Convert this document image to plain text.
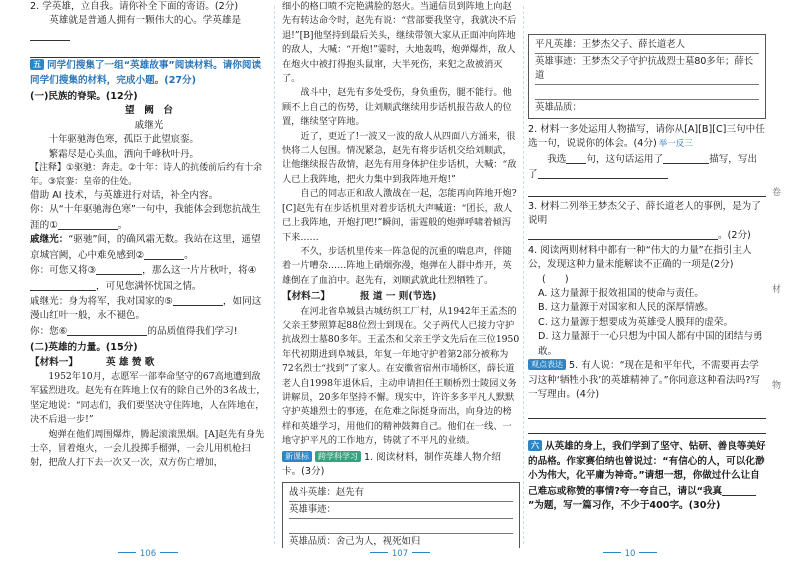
2. 学英雄，立自我。请你补全下面的寄语。(2分)

英雄就是普通人拥有一颗伟大的心。学英雄是

五 同学们搜集了一组“英雄故事”阅读材料。请你阅读同学们搜集的材料，完成小题。(27分)

(一)民族的脊梁。(12分)

望　阙　台

戚继光

十年驱驰海色寒，孤臣于此望宸銮。

繁霜尽是心头血，洒向千峰秋叶丹。

【注释】①驱驰：奔走。②十年：诗人的抗倭前后约有十余年。③宸銮：皇帝的住处。

借助 AI 技术，与英雄进行对话，补全内容。

你：从“十年驱驰海色寒”一句中，我能体会到您抗战生涯的①	。

戚继光：“驱驰”间，的确风霜无数。我站在这里，遥望京城宫阙，心中难免感到②	。

你：可您又将③	，那么这一片片秋叶，将④，可见您满怀忧国之情。

戚继光：身为将军，我对国家的⑤	，如同这漫山红叶一般，永不褪色。

你：您⑥	的品质值得我们学习!

(二)英雄的力量。(15分)

【材料一】	英 雄 赞 歌

1952年10月，志愿军一部奉命坚守的67高地遭到敌军猛烈进攻。赵先有在阵地上仅有的除自己外的3名战士，坚定地说：“同志们，我们要坚决守住阵地，人在阵地在，决不后退一步!”

炮弹在他们周围爆炸，腾起滚滚黑烟。[A]赵先有身先士卒，冒着炮火，一会儿投掷手榴弹，一会儿用机枪扫射，把敌人打下去一次又一次，双方伤亡增加，

细小的格口喷不完艳满脸的怒火。当通信员到阵地上向赵先有转达命令时，赵先有说：“营部要我坚守，我就决不后退!”[B]他坚持到最后关头，继续带领大家从正面冲向阵地的敌人，大喊：“开炮!”霎时，大地轰鸣，炮弹爆炸，敌人在炮火中被打得抱头鼠窜，大半死伤，来犯之敌被消灭了。

战斗中，赵先有多处受伤，身负重伤，腿不能行。他顾不上自己的伤势，让刘顺武继续用步话机报告敌人的位置，继续坚守阵地。

近了，更近了!一波又一波的敌人从四面八方涌来，很快将二人包围。情况紧急，赵先有将步话机交给刘顺武，让他继续报告敌情，赵先有用身体护住步话机，大喊：“敌人已上我阵地，把火力集中到我阵地开炮!”

自己的同志正和敌人激战在一起，怎能再向阵地开炮?[C]赵先有在步话机里对着步话机大声喊道：“团长，敌人已上我阵地，开炮打吧!”瞬间，雷霆般的炮弹呼啸着倾泻下来……

不久，步话机里传来一阵急促的沉重的喘息声，伴随着一片嘈杂……阵地上硝烟弥漫，炮弹在人群中炸开，英雄倒在了血泊中。赵先有，刘顺武就此壮烈牺牲了。

【材料二】	报 道 一 则(节选)

在河北省阜城县古城纺织工厂村，从1942年王孟杰的父亲王梦照算起88位烈士到现在。父子两代人已接力守护抗战烈士墓80多年。王孟杰和父亲王学文先后在三位1950年代初期进到阜城县，年复一年地守护着第2部分被称为72名烈士“找到”了家人。在安徽省宿州市埇桥区，薛长道老人自1998年退休后，主动申请担任王顺桥烈士陵园义务讲解员，20多年坚持不懈。现实中，许许多多平凡人默默守护英雄烈士的事迹，在危难之际挺身而出，向身边的榜样和英雄学习，用他们的精神鼓舞自己。他们在一线、一地守护平凡的工作地方，铸就了不平凡的业绩。

新课标 跨学科学习 1. 阅读材料，制作英雄人物介绍卡。(3分)

战斗英雄：赵先有
英雄事迹：
英雄品质：舍己为人，视死如归
平凡英雄：王梦杰父子、薛长道老人
英雄事迹：王梦杰父子守护抗战烈士墓80多年；薛长道
英雄品质：

2. 材料一多处运用人物描写，请你从[A][B][C]三句中任选一句，说说你的体会。(4分) 举一反三

我选 句，这句话运用了	描写，写出了

3. 材料二列举王梦杰父子、薛长道老人的事例，是为了说明

。(2分)

4. 阅读两则材料中都有一种“伟大的力量”在指引主人公，发现这种力量未能解读不正确的一项是(2分)(　　)

A. 这力量源于报效祖国的使命与责任。

B. 这力量源于对国家和人民的深厚情感。

C. 这力量源于想要成为英雄受人膜拜的虚荣。

D. 这力量源于一心只想为中国人都有中国的团结与勇敢。

观点表达 5. 有人说：“现在是和平年代，不需要再去学习这种‘牺牲小我’的英雄精神了。”你同意这种看法吗?写一写理由。(4分)

六 从英雄的身上，我们学到了坚守、钻研、善良等美好的品格。作家赛伯纳也曾说过：“有信心的人，可以化渺小为伟大，化平庸为神奇。”请想一想，你做过什么让自己难忘或称赞的事情?夸一夸自己，请以“我真”为题，写一篇习作，不少于400字。(30分)

卷
材
物
106	107	10
